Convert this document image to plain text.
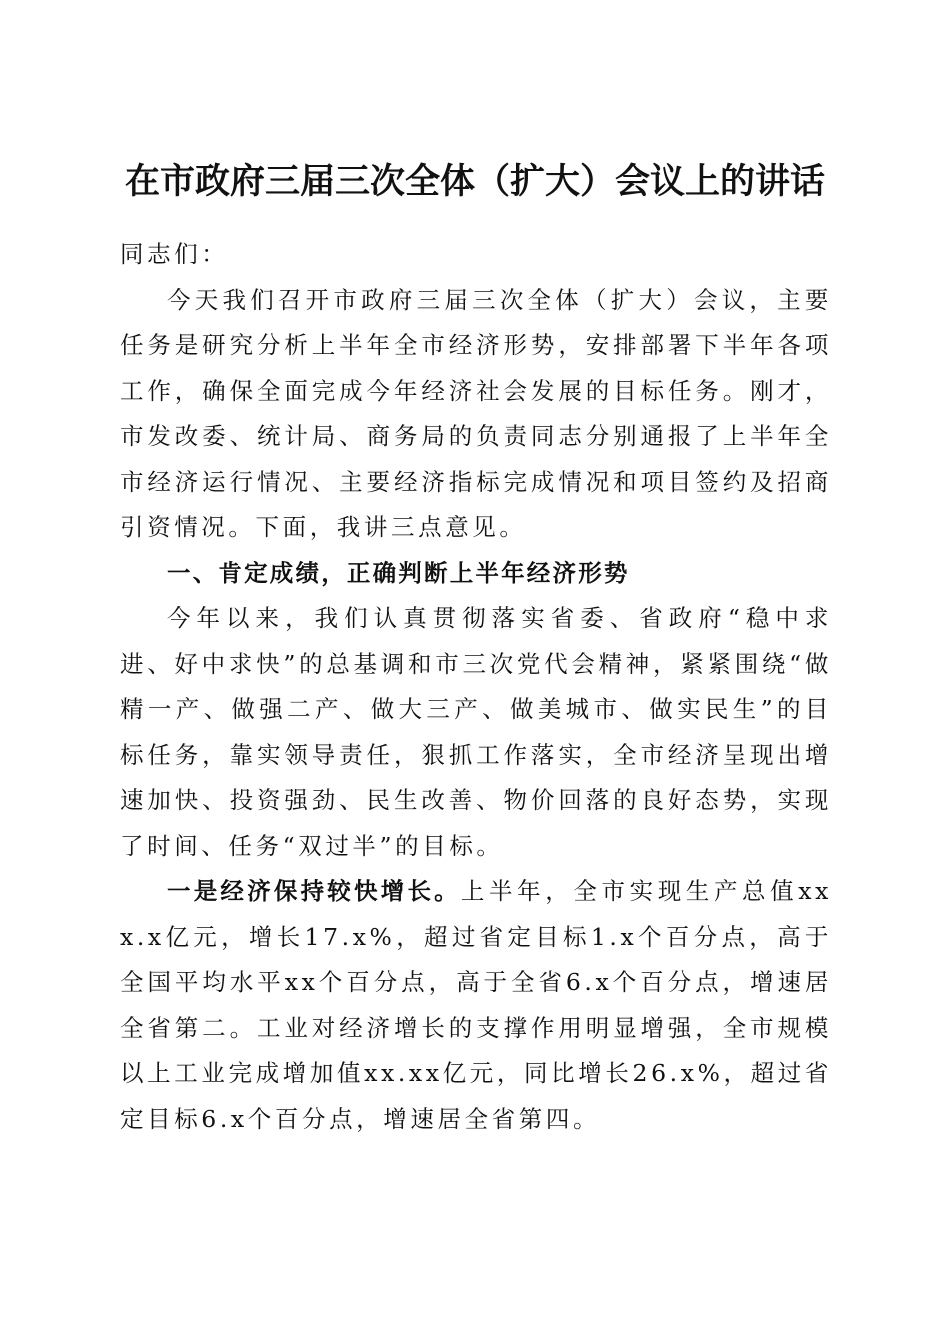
在市政府三届三次全体（扩大）会议上的讲话

同志们：

今天我们召开市政府三届三次全体（扩大）会议，主要任务是研究分析上半年全市经济形势，安排部署下半年各项工作，确保全面完成今年经济社会发展的目标任务。刚才，市发改委、统计局、商务局的负责同志分别通报了上半年全市经济运行情况、主要经济指标完成情况和项目签约及招商引资情况。下面，我讲三点意见。

一、肯定成绩，正确判断上半年经济形势

今年以来，我们认真贯彻落实省委、省政府“稳中求进、好中求快”的总基调和市三次党代会精神，紧紧围绕“做精一产、做强二产、做大三产、做美城市、做实民生”的目标任务，靠实领导责任，狠抓工作落实，全市经济呈现出增速加快、投资强劲、民生改善、物价回落的良好态势，实现了时间、任务“双过半”的目标。

一是经济保持较快增长。上半年，全市实现生产总值xxx.x亿元，增长17.x%，超过省定目标1.x个百分点，高于全国平均水平xx个百分点，高于全省6.x个百分点，增速居全省第二。工业对经济增长的支撑作用明显增强，全市规模以上工业完成增加值xx.xx亿元，同比增长26.x%，超过省定目标6.x个百分点，增速居全省第四。
